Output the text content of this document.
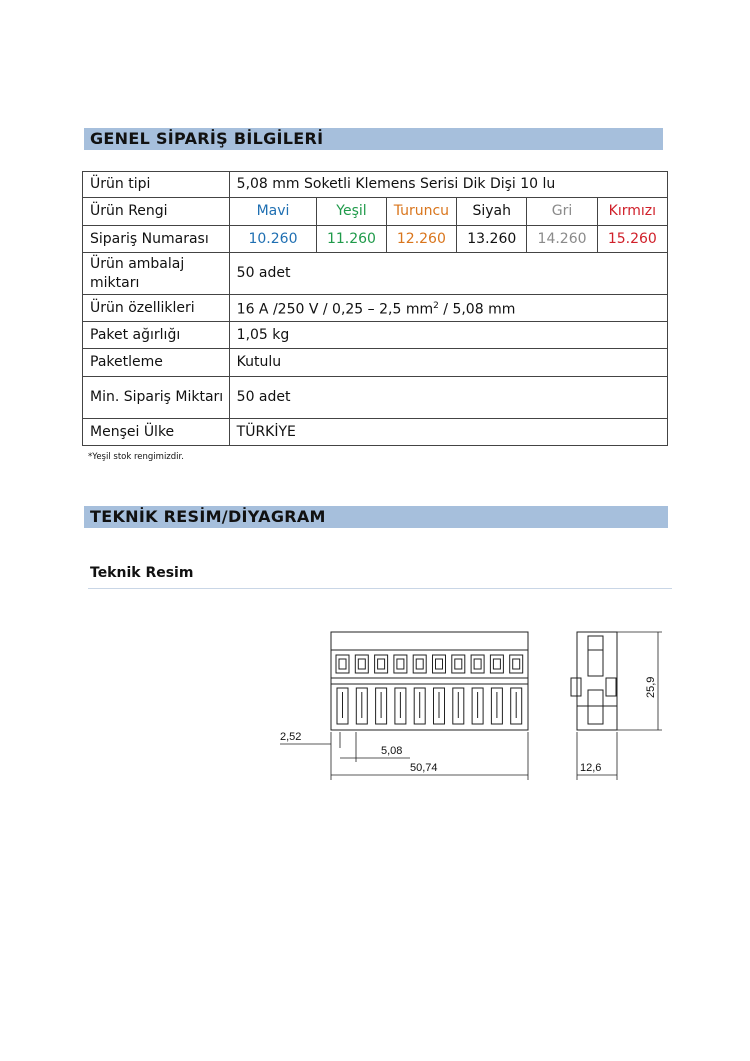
GENEL SİPARİŞ BİLGİLERİ
Ürün tipi	5,08 mm Soketli Klemens Serisi Dik Dişi 10 lu					
Ürün Rengi	Mavi	Yeşil	Turuncu	Siyah	Gri	Kırmızı
Sipariş Numarası	10.260	11.260	12.260	13.260	14.260	15.260
Ürün ambalaj miktarı	50 adet					
Ürün özellikleri	16 A /250 V / 0,25 – 2,5 $mm^2 / 5,08$ mm					
Paket ağırlığı	1,05 kg					
Paketleme	Kutulu					
Min. Sipariş Miktarı	50 adet					
Menşei Ülke	TÜRKİYE					
*Yeşil stok rengimizdir.
TEKNİK RESİM/DİYAGRAM
Teknik Resim
2,52
5,08
50,74	12,6
25,9
